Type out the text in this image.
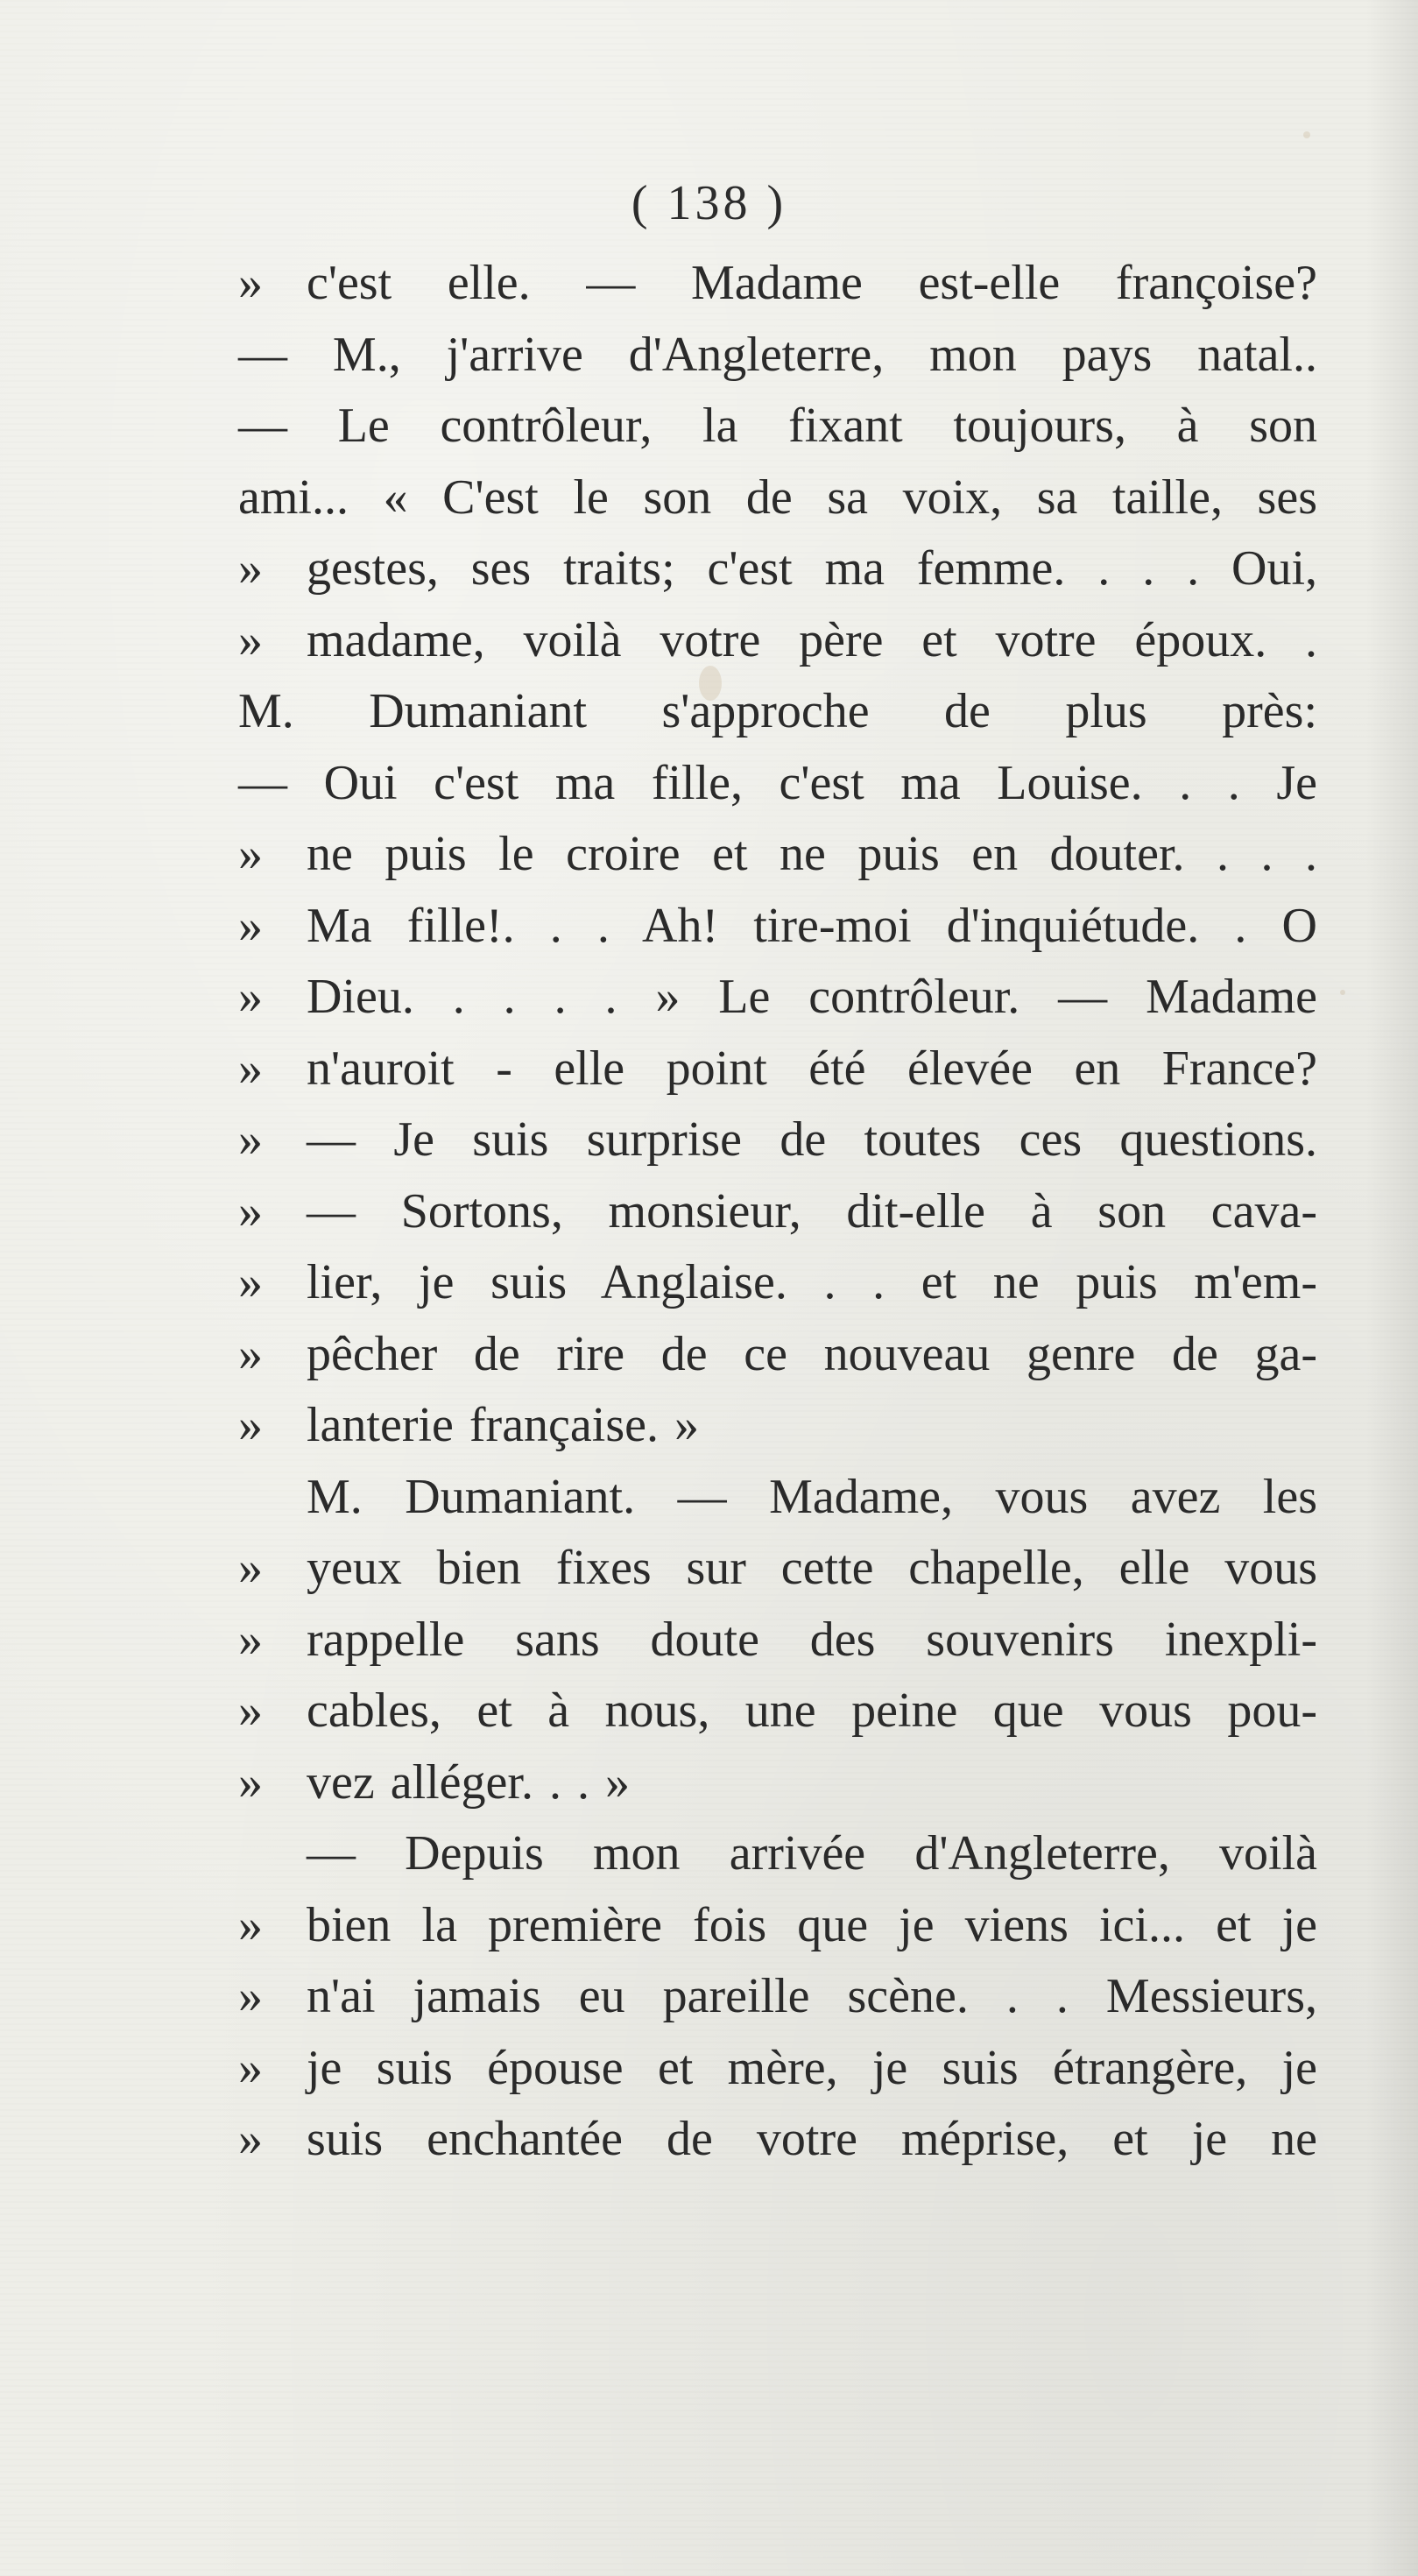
( 138 )
» c'est elle. — Madame est-elle françoise?
— M., j'arrive d'Angleterre, mon pays natal..
— Le contrôleur, la fixant toujours, à son
ami... « C'est le son de sa voix, sa taille, ses
» gestes, ses traits; c'est ma femme. . . . Oui,
» madame, voilà votre père et votre époux. .
M. Dumaniant s'approche de plus près:
— Oui c'est ma fille, c'est ma Louise. . . Je
» ne puis le croire et ne puis en douter. . . .
» Ma fille!. . . Ah! tire-moi d'inquiétude. . O
» Dieu. . . . . » Le contrôleur. — Madame
» n'auroit - elle point été élevée en France?
» — Je suis surprise de toutes ces questions.
» — Sortons, monsieur, dit-elle à son cava-
» lier, je suis Anglaise. . . et ne puis m'em-
» pêcher de rire de ce nouveau genre de ga-
» lanterie française. »
M. Dumaniant. — Madame, vous avez les
» yeux bien fixes sur cette chapelle, elle vous
» rappelle sans doute des souvenirs inexpli-
» cables, et à nous, une peine que vous pou-
» vez alléger. . . »
— Depuis mon arrivée d'Angleterre, voilà
» bien la première fois que je viens ici... et je
» n'ai jamais eu pareille scène. . . Messieurs,
» je suis épouse et mère, je suis étrangère, je
» suis enchantée de votre méprise, et je ne
